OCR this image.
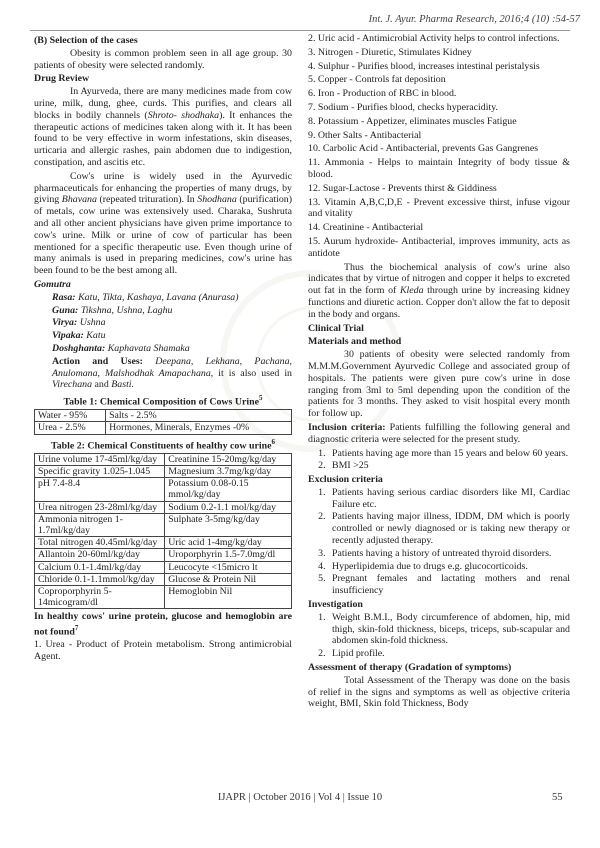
Int. J. Ayur. Pharma Research, 2016;4 (10) :54-57
(B) Selection of the cases

Obesity is common problem seen in all age group. 30 patients of obesity were selected randomly.

Drug Review

In Ayurveda, there are many medicines made from cow urine, milk, dung, ghee, curds. This purifies, and clears all blocks in bodily channels (Shroto- shodhaka). It enhances the therapeutic actions of medicines taken along with it. It has been found to be very effective in worm infestations, skin diseases, urticaria and allergic rashes, pain abdomen due to indigestion, constipation, and ascitis etc.

Cow's urine is widely used in the Ayurvedic pharmaceuticals for enhancing the properties of many drugs, by giving Bhavana (repeated trituration). In Shodhana (purification) of metals, cow urine was extensively used. Charaka, Sushruta and all other ancient physicians have given prime importance to cow's urine. Milk or urine of cow of particular has been mentioned for a specific therapeutic use. Even though urine of many animals is used in preparing medicines, cow's urine has been found to be the best among all.

Gomutra

Rasa: Katu, Tikta, Kashaya, Lavana (Anurasa)

Guna: Tikshna, Ushna, Laghu

Virya: Ushna

Vipaka: Katu

Doshghanta: Kaphavata Shamaka

Action and Uses: Deepana, Lekhana, Pachana, Anulomana, Malshodhak Amapachana, it is also used in Virechana and Basti.

Table 1: Chemical Composition of Cows Urine$^5$
Water - 95%	Salts - 2.5%
Urea - 2.5%	Hormones, Minerals, Enzymes -0%
Table 2: Chemical Constituents of healthy cow urine$^6$
Urine volume 17-45ml/kg/day	Creatinine 15-20mg/kg/day
Specific gravity 1.025-1.045	Magnesium 3.7mg/kg/day
pH 7.4-8.4	Potassium 0.08-0.15 mmol/kg/day
Urea nitrogen 23-28ml/kg/day	Sodium 0.2-1.1 mol/kg/day
Ammonia nitrogen 1-1.7ml/kg/day	Sulphate 3-5mg/kg/day
Total nitrogen 40.45ml/kg/day	Uric acid 1-4mg/kg/day
Allantoin 20-60ml/kg/day	Uroporphyrin 1.5-7.0mg/dl
Calcium 0.1-1.4ml/kg/day	Leucocyte <15micro lt
Chloride 0.1-1.1mmol/kg/day	Glucose & Protein Nil
Coproporphyrin 5-14micogram/dl	Hemoglobin Nil
In healthy cows' urine protein, glucose and hemoglobin are not found$^7$

1. Urea - Product of Protein metabolism. Strong antimicrobial Agent.

2. Uric acid - Antimicrobial Activity helps to control infections.

3. Nitrogen - Diuretic, Stimulates Kidney

4. Sulphur - Purifies blood, increases intestinal peristalysis

5. Copper - Controls fat deposition

6. Iron - Production of RBC in blood.

7. Sodium - Purifies blood, checks hyperacidity.

8. Potassium - Appetizer, eliminates muscles Fatigue

9. Other Salts - Antibacterial

10. Carbolic Acid - Antibacterial, prevents Gas Gangrenes

11. Ammonia - Helps to maintain Integrity of body tissue & blood.

12. Sugar-Lactose - Prevents thirst & Giddiness

13. Vitamin A,B,C,D,E - Prevent excessive thirst, infuse vigour and vitality

14. Creatinine - Antibacterial

15. Aurum hydroxide- Antibacterial, improves immunity, acts as antidote

Thus the biochemical analysis of cow's urine also indicates that by virtue of nitrogen and copper it helps to excreted out fat in the form of Kleda through urine by increasing kidney functions and diuretic action. Copper don't allow the fat to deposit in the body and organs.

Clinical Trial
Materials and method

30 patients of obesity were selected randomly from M.M.M.Government Ayurvedic College and associated group of hospitals. The patients were given pure cow's urine in dose ranging from 3ml to 5ml depending upon the condition of the patients for 3 months. They asked to visit hospital every month for follow up.

Inclusion criteria: Patients fulfilling the following general and diagnostic criteria were selected for the present study.

1. Patients having age more than 15 years and below 60 years.
2. BMI >25
Exclusion criteria
1. Patients having serious cardiac disorders like MI, Cardiac Failure etc.
2. Patients having major illness, IDDM, DM which is poorly controlled or newly diagnosed or is taking new therapy or recently adjusted therapy.
3. Patients having a history of untreated thyroid disorders.
4. Hyperlipidemia due to drugs e.g. glucocorticoids.
5. Pregnant females and lactating mothers and renal insufficiency
Investigation
1. Weight B.M.I., Body circumference of abdomen, hip, mid thigh, skin-fold thickness, biceps, triceps, sub-scapular and abdomen skin-fold thickness.
2. Lipid profile.
Assessment of therapy (Gradation of symptoms)

Total Assessment of the Therapy was done on the basis of relief in the signs and symptoms as well as objective criteria weight, BMI, Skin fold Thickness, Body

IJAPR | October 2016 | Vol 4 | Issue 10	55
